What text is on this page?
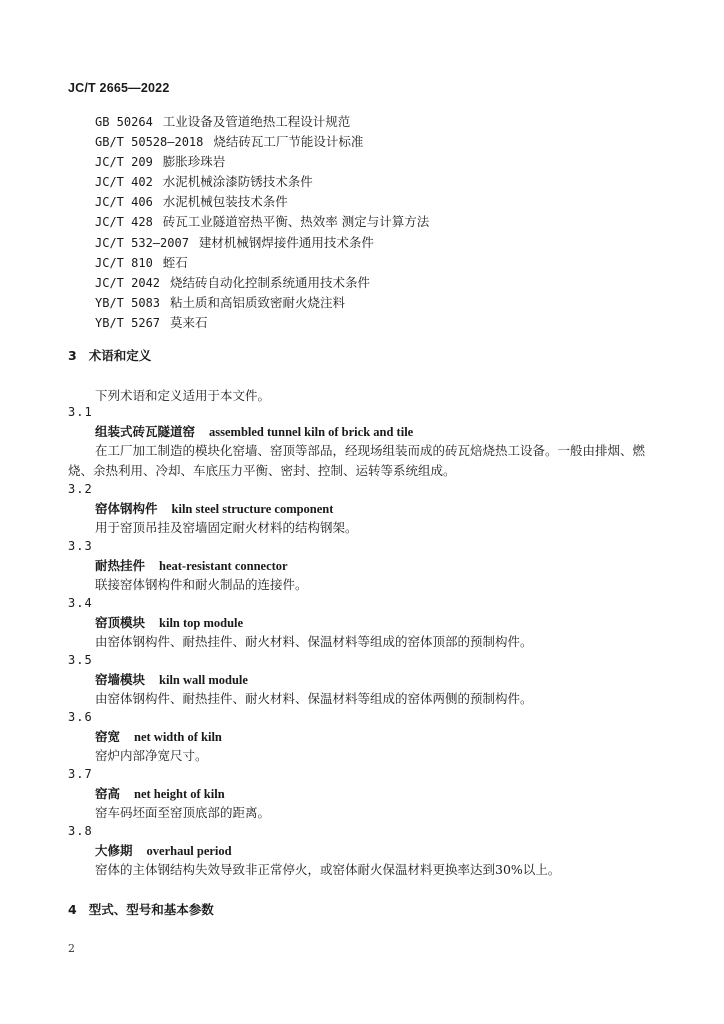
JC/T 2665—2022
GB 50264 工业设备及管道绝热工程设计规范
GB/T 50528—2018 烧结砖瓦工厂节能设计标准
JC/T 209 膨胀珍珠岩
JC/T 402 水泥机械涂漆防锈技术条件
JC/T 406 水泥机械包装技术条件
JC/T 428 砖瓦工业隧道窑热平衡、热效率 测定与计算方法
JC/T 532—2007 建材机械钢焊接件通用技术条件
JC/T 810 蛭石
JC/T 2042 烧结砖自动化控制系统通用技术条件
YB/T 5083 粘土质和高铝质致密耐火烧注料
YB/T 5267 莫来石
3 术语和定义
下列术语和定义适用于本文件。
3.1
组装式砖瓦隧道窑 assembled tunnel kiln of brick and tile
在工厂加工制造的模块化窑墙、窑顶等部品，经现场组装而成的砖瓦焙烧热工设备。一般由排烟、燃烧、余热利用、冷却、车底压力平衡、密封、控制、运转等系统组成。
3.2
窑体钢构件 kiln steel structure component
用于窑顶吊挂及窑墙固定耐火材料的结构钢架。
3.3
耐热挂件 heat-resistant connector
联接窑体钢构件和耐火制品的连接件。
3.4
窑顶模块 kiln top module
由窑体钢构件、耐热挂件、耐火材料、保温材料等组成的窑体顶部的预制构件。
3.5
窑墙模块 kiln wall module
由窑体钢构件、耐热挂件、耐火材料、保温材料等组成的窑体两侧的预制构件。
3.6
窑宽 net width of kiln
窑炉内部净宽尺寸。
3.7
窑高 net height of kiln
窑车码坯面至窑顶底部的距离。
3.8
大修期 overhaul period
窑体的主体钢结构失效导致非正常停火，或窑体耐火保温材料更换率达到30%以上。
4 型式、型号和基本参数
2
